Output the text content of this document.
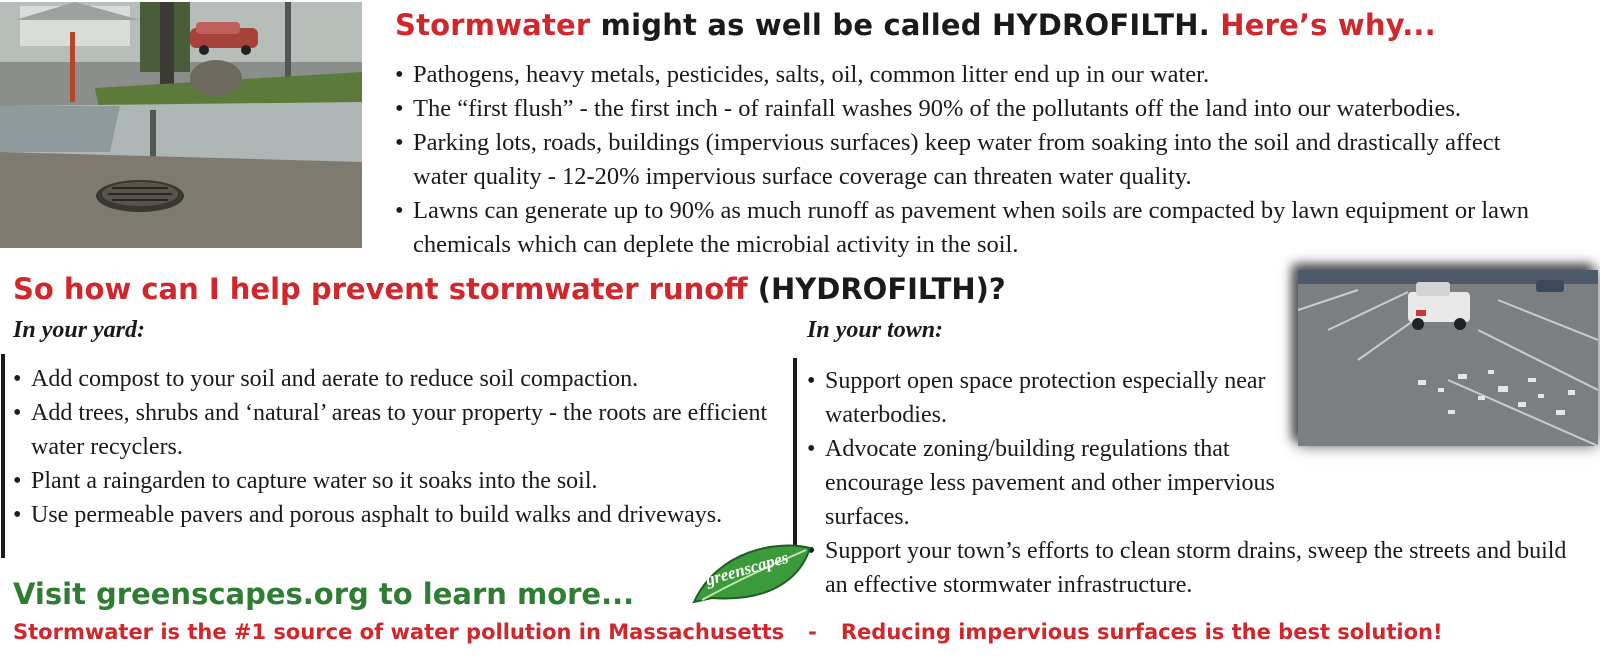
Stormwater might as well be called HYDROFILTH. Here’s why...
• Pathogens, heavy metals, pesticides, salts, oil, common litter end up in our water.
• The “first flush” - the first inch - of rainfall washes 90% of the pollutants off the land into our waterbodies.
• Parking lots, roads, buildings (impervious surfaces) keep water from soaking into the soil and drastically affect water quality - 12-20% impervious surface coverage can threaten water quality.
• Lawns can generate up to 90% as much runoff as pavement when soils are compacted by lawn equipment or lawn chemicals which can deplete the microbial activity in the soil.
So how can I help prevent stormwater runoff (HYDROFILTH)?
In your yard:
• Add compost to your soil and aerate to reduce soil compaction.
• Add trees, shrubs and ‘natural’ areas to your property - the roots are efficient water recyclers.
• Plant a raingarden to capture water so it soaks into the soil.
• Use permeable pavers and porous asphalt to build walks and driveways.
In your town:
• Support open space protection especially near waterbodies.
• Advocate zoning/building regulations that encourage less pavement and other impervious surfaces.
• Support your town’s efforts to clean storm drains, sweep the streets and build an effective stormwater infrastructure.

Visit greenscapes.org to learn more...

greenscapes

Stormwater is the #1 source of water pollution in Massachusetts - Reducing impervious surfaces is the best solution!
